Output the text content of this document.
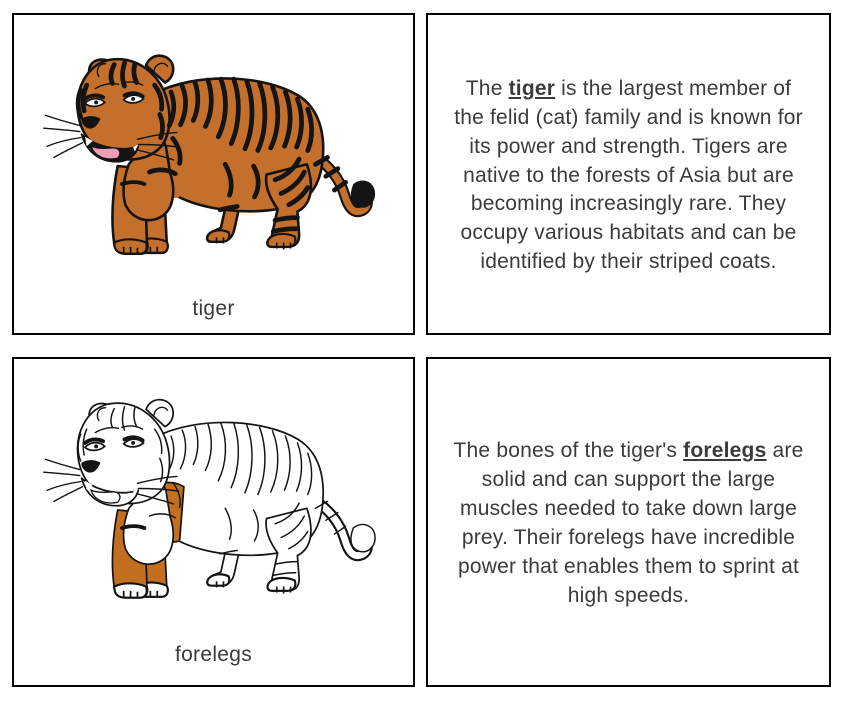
tiger

The tiger is the largest member of the felid (cat) family and is known for its power and strength. Tigers are native to the forests of Asia but are becoming increasingly rare. They occupy various habitats and can be identified by their striped coats.

forelegs

The bones of the tiger's forelegs are solid and can support the large muscles needed to take down large prey. Their forelegs have incredible power that enables them to sprint at high speeds.
